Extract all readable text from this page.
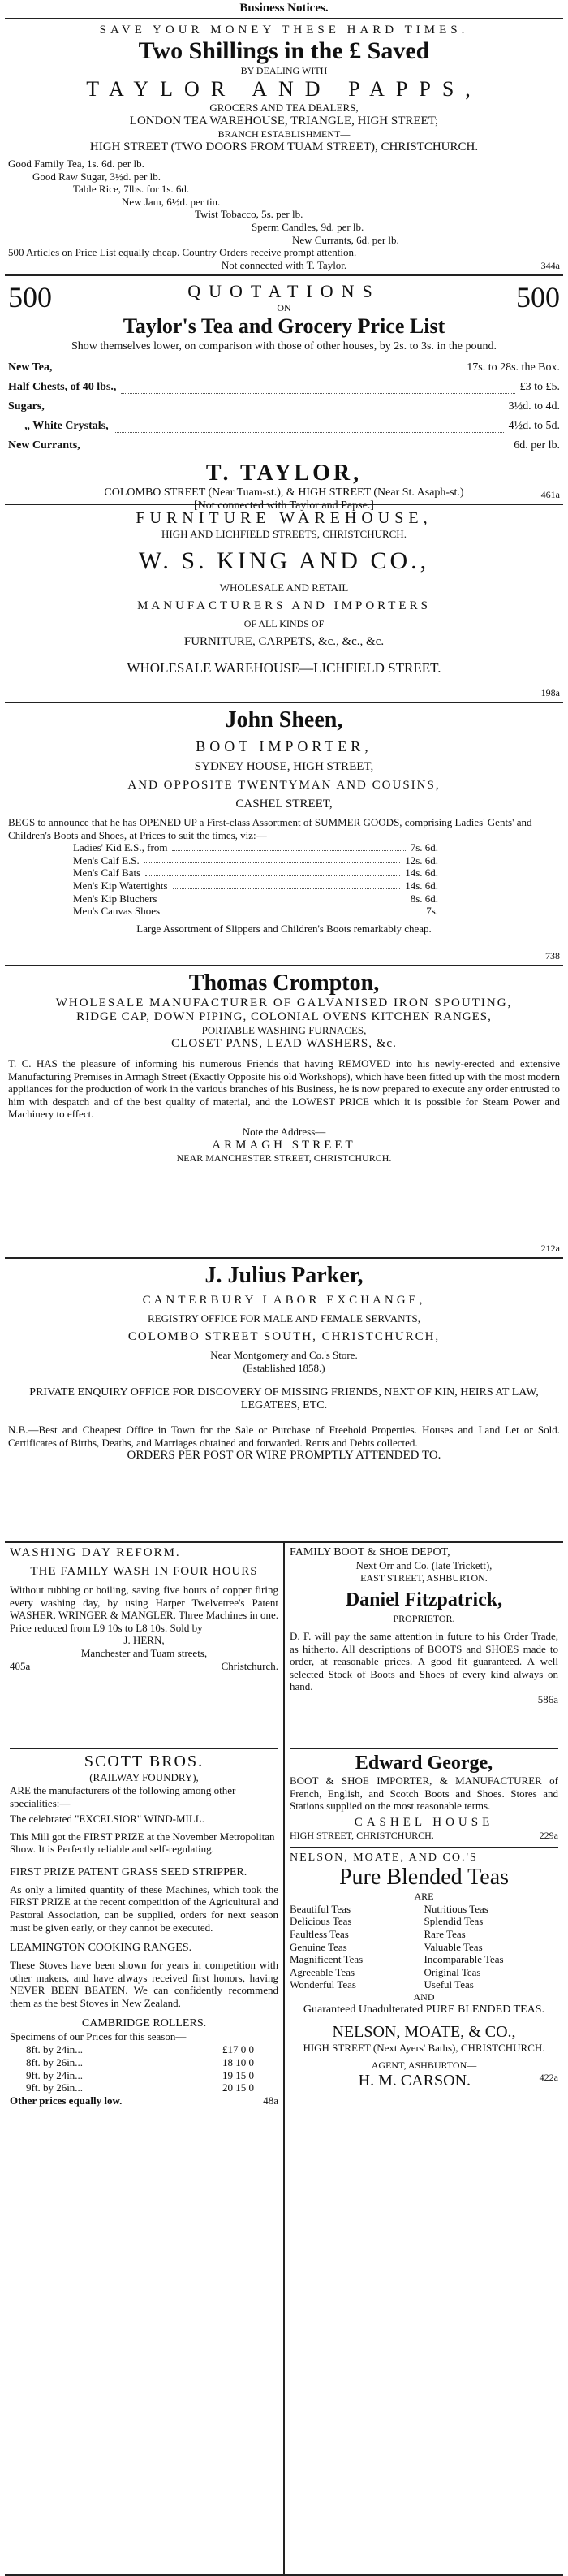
Business Notices.
SAVE YOUR MONEY THESE HARD TIMES.
Two Shillings in the £ Saved
BY DEALING WITH
TAYLOR AND PAPPS,
GROCERS AND TEA DEALERS,
LONDON TEA WAREHOUSE, TRIANGLE, HIGH STREET;
BRANCH ESTABLISHMENT—
HIGH STREET (TWO DOORS FROM TUAM STREET), CHRISTCHURCH.
Good Family Tea, 1s. 6d. per lb.
Good Raw Sugar, 3½d. per lb.
Table Rice, 7lbs. for 1s. 6d.
New Jam, 6½d. per tin.
Twist Tobacco, 5s. per lb.
Sperm Candles, 9d. per lb.
New Currants, 6d. per lb.
500 Articles on Price List equally cheap. Country Orders receive prompt attention.
Not connected with T. Taylor.	344a
500	QUOTATIONS
ON	500
Taylor's Tea and Grocery Price List
Show themselves lower, on comparison with those of other houses, by 2s. to 3s. in the pound.
New Tea,	17s. to 28s. the Box.
Half Chests, of 40 lbs.,	£3 to £5.
Sugars,	3½d. to 4d.
„ White Crystals,	4½d. to 5d.
New Currants,	6d. per lb.
T. TAYLOR,
COLOMBO STREET (Near Tuam-st.), & HIGH STREET (Near St. Asaph-st.)
[Not connected with Taylor and Papse.]
461a
FURNITURE WAREHOUSE,
HIGH AND LICHFIELD STREETS, CHRISTCHURCH.
W. S. KING AND CO.,
WHOLESALE AND RETAIL
MANUFACTURERS AND IMPORTERS
OF ALL KINDS OF
FURNITURE, CARPETS, &c., &c., &c.
WHOLESALE WAREHOUSE—LICHFIELD STREET.
198a
John Sheen,
BOOT IMPORTER,
SYDNEY HOUSE, HIGH STREET,
AND OPPOSITE TWENTYMAN AND COUSINS,
CASHEL STREET,
BEGS to announce that he has OPENED UP a First-class Assortment of SUMMER GOODS, comprising Ladies' Gents' and Children's Boots and Shoes, at Prices to suit the times, viz:—
Ladies' Kid E.S., from	7s. 6d.
Men's Calf E.S.	12s. 6d.
Men's Calf Bats	14s. 6d.
Men's Kip Watertights	14s. 6d.
Men's Kip Bluchers	8s. 6d.
Men's Canvas Shoes	7s.
Large Assortment of Slippers and Children's Boots remarkably cheap.
738
Thomas Crompton,
WHOLESALE MANUFACTURER OF GALVANISED IRON SPOUTING,
RIDGE CAP, DOWN PIPING, COLONIAL OVENS KITCHEN RANGES,
PORTABLE WASHING FURNACES,
CLOSET PANS, LEAD WASHERS, &c.
T. C. HAS the pleasure of informing his numerous Friends that having REMOVED into his newly-erected and extensive Manufacturing Premises in Armagh Street (Exactly Opposite his old Workshops), which have been fitted up with the most modern appliances for the production of work in the various branches of his Business, he is now prepared to execute any order entrusted to him with despatch and of the best quality of material, and the LOWEST PRICE which it is possible for Steam Power and Machinery to effect.
Note the Address—
ARMAGH STREET
NEAR MANCHESTER STREET, CHRISTCHURCH.
212a
J. Julius Parker,
CANTERBURY LABOR EXCHANGE,
REGISTRY OFFICE FOR MALE AND FEMALE SERVANTS,
COLOMBO STREET SOUTH, CHRISTCHURCH,
Near Montgomery and Co.'s Store.
(Established 1858.)
PRIVATE ENQUIRY OFFICE FOR DISCOVERY OF MISSING FRIENDS, NEXT OF KIN, HEIRS AT LAW, LEGATEES, ETC.
N.B.—Best and Cheapest Office in Town for the Sale or Purchase of Freehold Properties. Houses and Land Let or Sold. Certificates of Births, Deaths, and Marriages obtained and forwarded. Rents and Debts collected.
ORDERS PER POST OR WIRE PROMPTLY ATTENDED TO.
WASHING DAY REFORM.
THE FAMILY WASH IN FOUR HOURS
Without rubbing or boiling, saving five hours of copper firing every washing day, by using Harper Twelvetree's Patent WASHER, WRINGER & MANGLER. Three Machines in one. Price reduced from L9 10s to L8 10s. Sold by
J. HERN,
Manchester and Tuam streets,
405a	Christchurch.
SCOTT BROS.
(RAILWAY FOUNDRY),
ARE the manufacturers of the following among other specialities:—
The celebrated "EXCELSIOR" WIND-MILL.
This Mill got the FIRST PRIZE at the November Metropolitan Show. It is Perfectly reliable and self-regulating.
FIRST PRIZE PATENT GRASS SEED STRIPPER.
As only a limited quantity of these Machines, which took the FIRST PRIZE at the recent competition of the Agricultural and Pastoral Association, can be supplied, orders for next season must be given early, or they cannot be executed.
LEAMINGTON COOKING RANGES.
These Stoves have been shown for years in competition with other makers, and have always received first honors, having NEVER BEEN BEATEN. We can confidently recommend them as the best Stoves in New Zealand.
CAMBRIDGE ROLLERS.
Specimens of our Prices for this season—
8ft. by 24in...	£17 0 0
8ft. by 26in...	18 10 0
9ft. by 24in...	19 15 0
9ft. by 26in...	20 15 0
Other prices equally low.	48a
FAMILY BOOT & SHOE DEPOT,
Next Orr and Co. (late Trickett),
EAST STREET, ASHBURTON.
Daniel Fitzpatrick,
PROPRIETOR.
D. F. will pay the same attention in future to his Order Trade, as hitherto. All descriptions of BOOTS and SHOES made to order, at reasonable prices. A good fit guaranteed. A well selected Stock of Boots and Shoes of every kind always on hand.
586a
Edward George,
BOOT & SHOE IMPORTER, & MANUFACTURER of French, English, and Scotch Boots and Shoes. Stores and Stations supplied on the most reasonable terms.
CASHEL HOUSE
HIGH STREET, CHRISTCHURCH.	229a
NELSON, MOATE, AND CO.'S
Pure Blended Teas
ARE
Beautiful Teas	Nutritious Teas
Delicious Teas	Splendid Teas
Faultless Teas	Rare Teas
Genuine Teas	Valuable Teas
Magnificent Teas	Incomparable Teas
Agreeable Teas	Original Teas
Wonderful Teas	Useful Teas
AND
Guaranteed Unadulterated PURE BLENDED TEAS.
NELSON, MOATE, & CO.,
HIGH STREET (Next Ayers' Baths), CHRISTCHURCH.
AGENT, ASHBURTON—
H. M. CARSON.	422a
